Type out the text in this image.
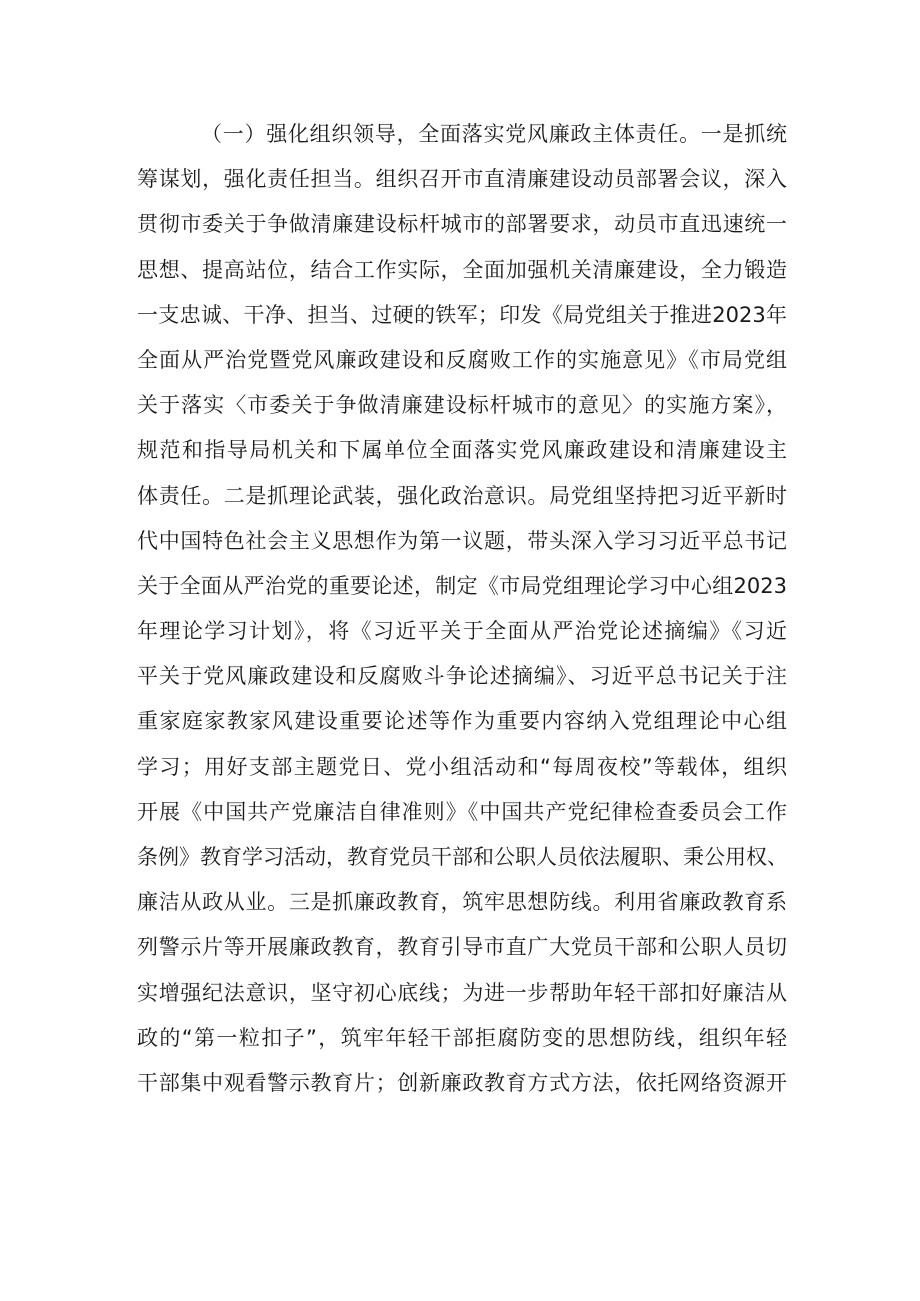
（一）强化组织领导，全面落实党风廉政主体责任。一是抓统
筹谋划，强化责任担当。组织召开市直清廉建设动员部署会议，深入
贯彻市委关于争做清廉建设标杆城市的部署要求，动员市直迅速统一
思想、提高站位，结合工作实际，全面加强机关清廉建设，全力锻造
一支忠诚、干净、担当、过硬的铁军；印发《局党组关于推进2023年
全面从严治党暨党风廉政建设和反腐败工作的实施意见》《市局党组
关于落实〈市委关于争做清廉建设标杆城市的意见〉的实施方案》，
规范和指导局机关和下属单位全面落实党风廉政建设和清廉建设主
体责任。二是抓理论武装，强化政治意识。局党组坚持把习近平新时
代中国特色社会主义思想作为第一议题，带头深入学习习近平总书记
关于全面从严治党的重要论述，制定《市局党组理论学习中心组2023
年理论学习计划》，将《习近平关于全面从严治党论述摘编》《习近
平关于党风廉政建设和反腐败斗争论述摘编》、习近平总书记关于注
重家庭家教家风建设重要论述等作为重要内容纳入党组理论中心组
学习；用好支部主题党日、党小组活动和“每周夜校”等载体，组织
开展《中国共产党廉洁自律准则》《中国共产党纪律检查委员会工作
条例》教育学习活动，教育党员干部和公职人员依法履职、秉公用权、
廉洁从政从业。三是抓廉政教育，筑牢思想防线。利用省廉政教育系
列警示片等开展廉政教育，教育引导市直广大党员干部和公职人员切
实增强纪法意识，坚守初心底线；为进一步帮助年轻干部扣好廉洁从
政的“第一粒扣子”，筑牢年轻干部拒腐防变的思想防线，组织年轻
干部集中观看警示教育片；创新廉政教育方式方法，依托网络资源开
